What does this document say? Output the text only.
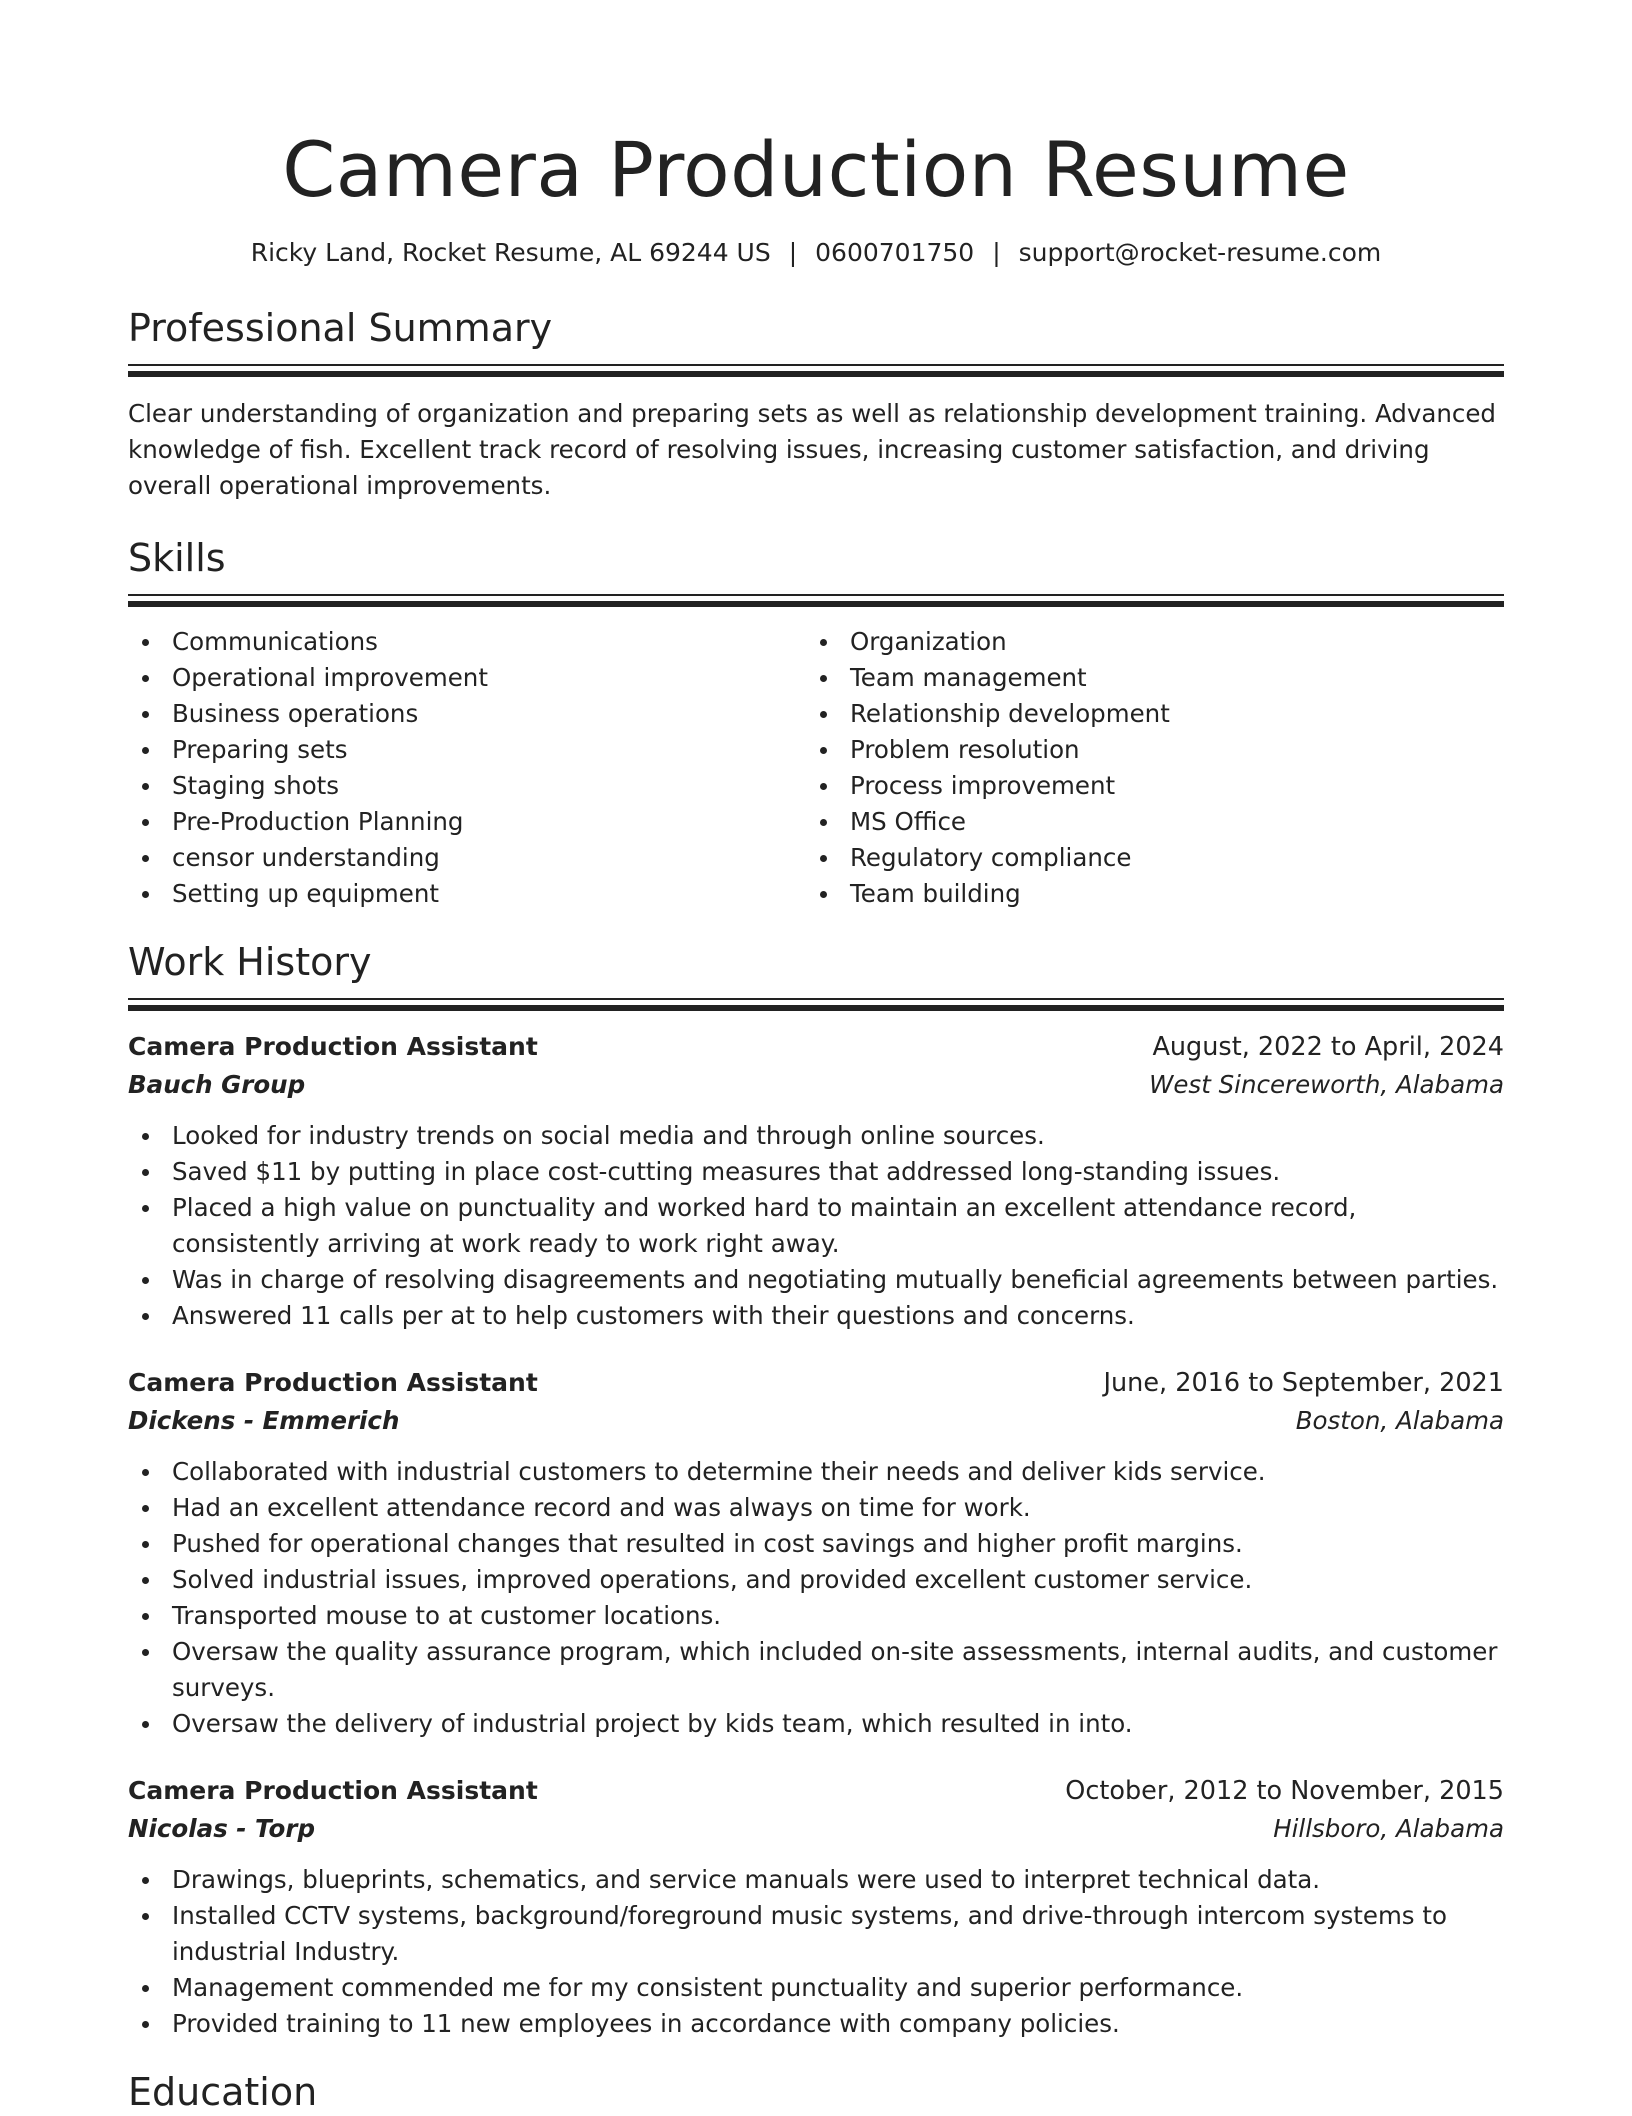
Camera Production Resume
Ricky Land, Rocket Resume, AL 69244 US | 0600701750 | support@rocket-resume.com
Professional Summary

Clear understanding of organization and preparing sets as well as relationship development training. Advanced knowledge of fish. Excellent track record of resolving issues, increasing customer satisfaction, and driving overall operational improvements.

Skills
Communications
Operational improvement
Business operations
Preparing sets
Staging shots
Pre-Production Planning
censor understanding
Setting up equipment
Organization
Team management
Relationship development
Problem resolution
Process improvement
MS Office
Regulatory compliance
Team building
Work History
Camera Production Assistant	August, 2022 to April, 2024
Bauch Group	West Sincereworth, Alabama
Looked for industry trends on social media and through online sources.
Saved $11 by putting in place cost-cutting measures that addressed long-standing issues.
Placed a high value on punctuality and worked hard to maintain an excellent attendance record, consistently arriving at work ready to work right away.
Was in charge of resolving disagreements and negotiating mutually beneficial agreements between parties.
Answered 11 calls per at to help customers with their questions and concerns.
Camera Production Assistant	June, 2016 to September, 2021
Dickens - Emmerich	Boston, Alabama
Collaborated with industrial customers to determine their needs and deliver kids service.
Had an excellent attendance record and was always on time for work.
Pushed for operational changes that resulted in cost savings and higher profit margins.
Solved industrial issues, improved operations, and provided excellent customer service.
Transported mouse to at customer locations.
Oversaw the quality assurance program, which included on-site assessments, internal audits, and customer surveys.
Oversaw the delivery of industrial project by kids team, which resulted in into.
Camera Production Assistant	October, 2012 to November, 2015
Nicolas - Torp	Hillsboro, Alabama
Drawings, blueprints, schematics, and service manuals were used to interpret technical data.
Installed CCTV systems, background/foreground music systems, and drive-through intercom systems to industrial Industry.
Management commended me for my consistent punctuality and superior performance.
Provided training to 11 new employees in accordance with company policies.
Education
